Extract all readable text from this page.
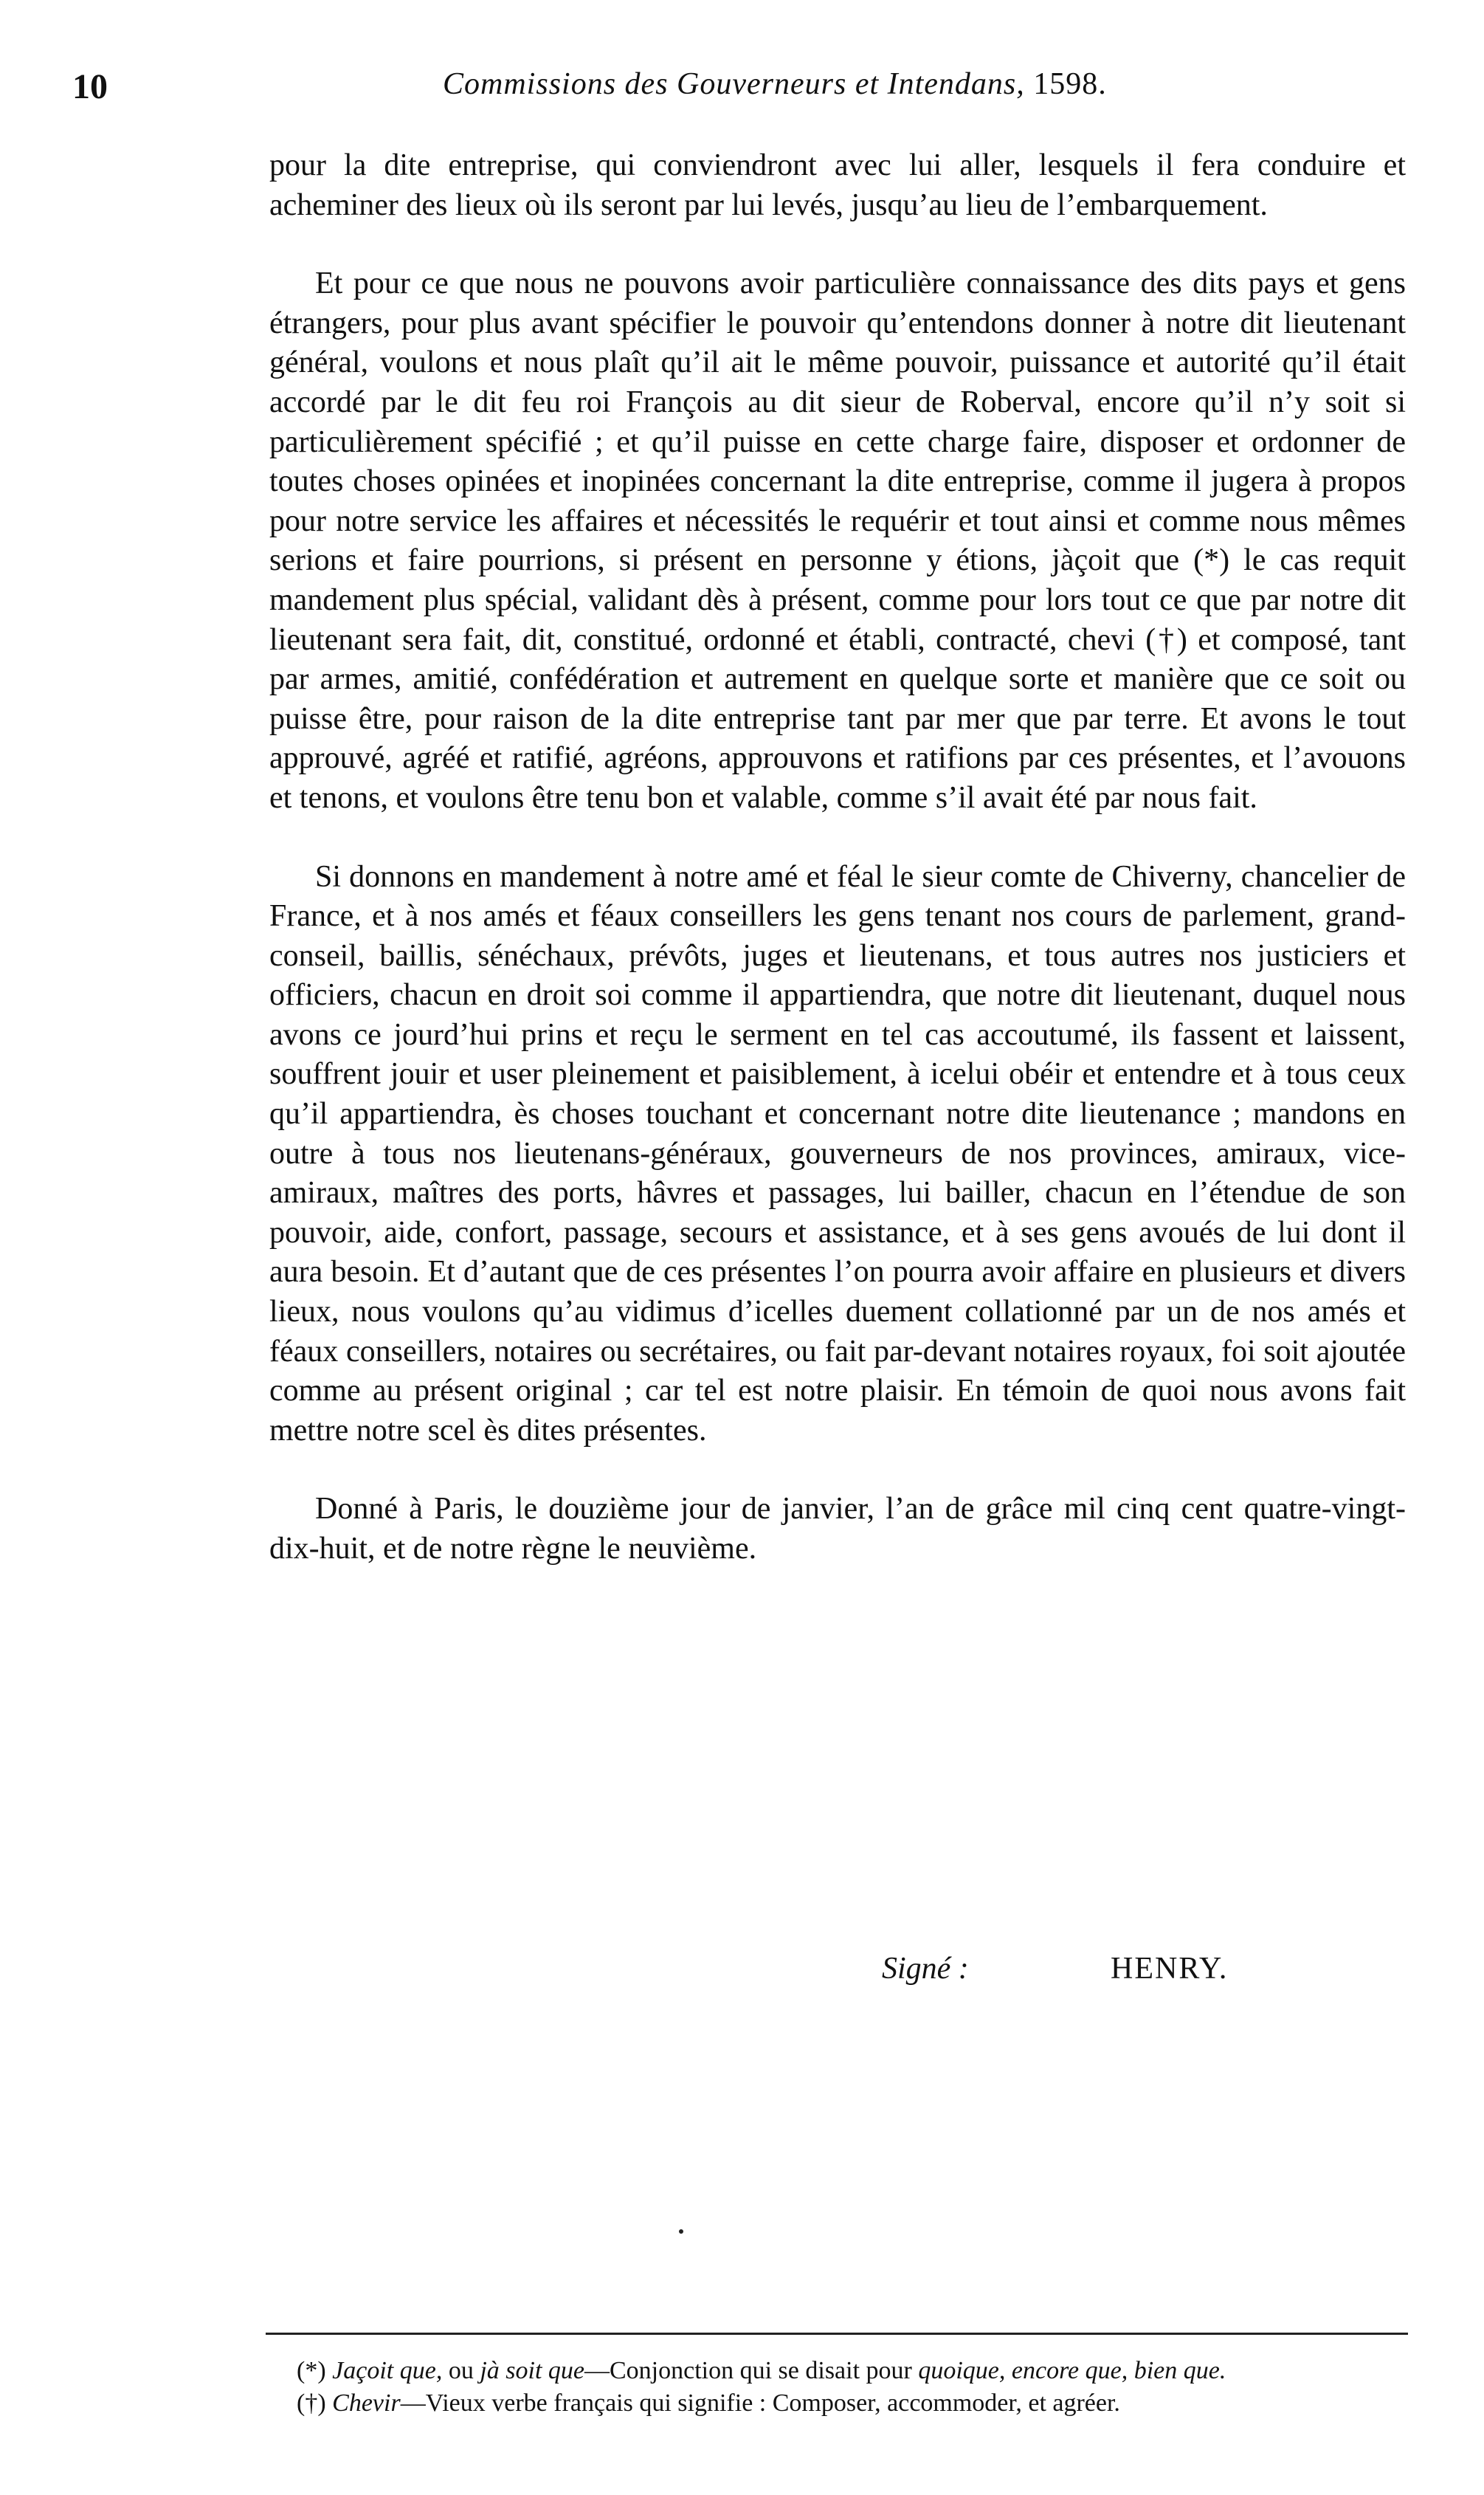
10	Commissions des Gouverneurs et Intendans, 1598.

pour la dite entreprise, qui conviendront avec lui aller, lesquels il fera conduire et acheminer des lieux où ils seront par lui levés, jusqu’au lieu de l’embarquement.

Et pour ce que nous ne pouvons avoir particulière connaissance des dits pays et gens étrangers, pour plus avant spécifier le pouvoir qu’entendons donner à notre dit lieutenant général, voulons et nous plaît qu’il ait le même pouvoir, puissance et autorité qu’il était accordé par le dit feu roi François au dit sieur de Roberval, encore qu’il n’y soit si particulièrement spécifié ; et qu’il puisse en cette charge faire, disposer et ordonner de toutes choses opinées et inopinées concernant la dite entreprise, comme il jugera à propos pour notre service les affaires et nécessités le requérir et tout ainsi et comme nous mêmes serions et faire pourrions, si présent en personne y étions, jàçoit que (*) le cas requit mandement plus spécial, validant dès à présent, comme pour lors tout ce que par notre dit lieutenant sera fait, dit, constitué, ordonné et établi, contracté, chevi (†) et composé, tant par armes, amitié, confédération et autrement en quelque sorte et manière que ce soit ou puisse être, pour raison de la dite entreprise tant par mer que par terre. Et avons le tout approuvé, agréé et ratifié, agréons, approuvons et ratifions par ces présentes, et l’avouons et tenons, et voulons être tenu bon et valable, comme s’il avait été par nous fait.

Si donnons en mandement à notre amé et féal le sieur comte de Chiverny, chancelier de France, et à nos amés et féaux conseillers les gens tenant nos cours de parlement, grand-conseil, baillis, sénéchaux, prévôts, juges et lieutenans, et tous autres nos justiciers et officiers, chacun en droit soi comme il appartiendra, que notre dit lieutenant, duquel nous avons ce jourd’hui prins et reçu le serment en tel cas accoutumé, ils fassent et laissent, souffrent jouir et user pleinement et paisiblement, à icelui obéir et entendre et à tous ceux qu’il appartiendra, ès choses touchant et concernant notre dite lieutenance ; mandons en outre à tous nos lieutenans-généraux, gouverneurs de nos provinces, amiraux, vice-amiraux, maîtres des ports, hâvres et passages, lui bailler, chacun en l’étendue de son pouvoir, aide, confort, passage, secours et assistance, et à ses gens avoués de lui dont il aura besoin. Et d’autant que de ces présentes l’on pourra avoir affaire en plusieurs et divers lieux, nous voulons qu’au vidimus d’icelles duement collationné par un de nos amés et féaux conseillers, notaires ou secrétaires, ou fait par-devant notaires royaux, foi soit ajoutée comme au présent original ; car tel est notre plaisir. En témoin de quoi nous avons fait mettre notre scel ès dites présentes.

Donné à Paris, le douzième jour de janvier, l’an de grâce mil cinq cent quatre-vingt-dix-huit, et de notre règne le neuvième.

Signé :	HENRY.

(*) Jaçoit que, ou jà soit que—Conjonction qui se disait pour quoique, encore que, bien que.

(†) Chevir—Vieux verbe français qui signifie : Composer, accommoder, et agréer.
